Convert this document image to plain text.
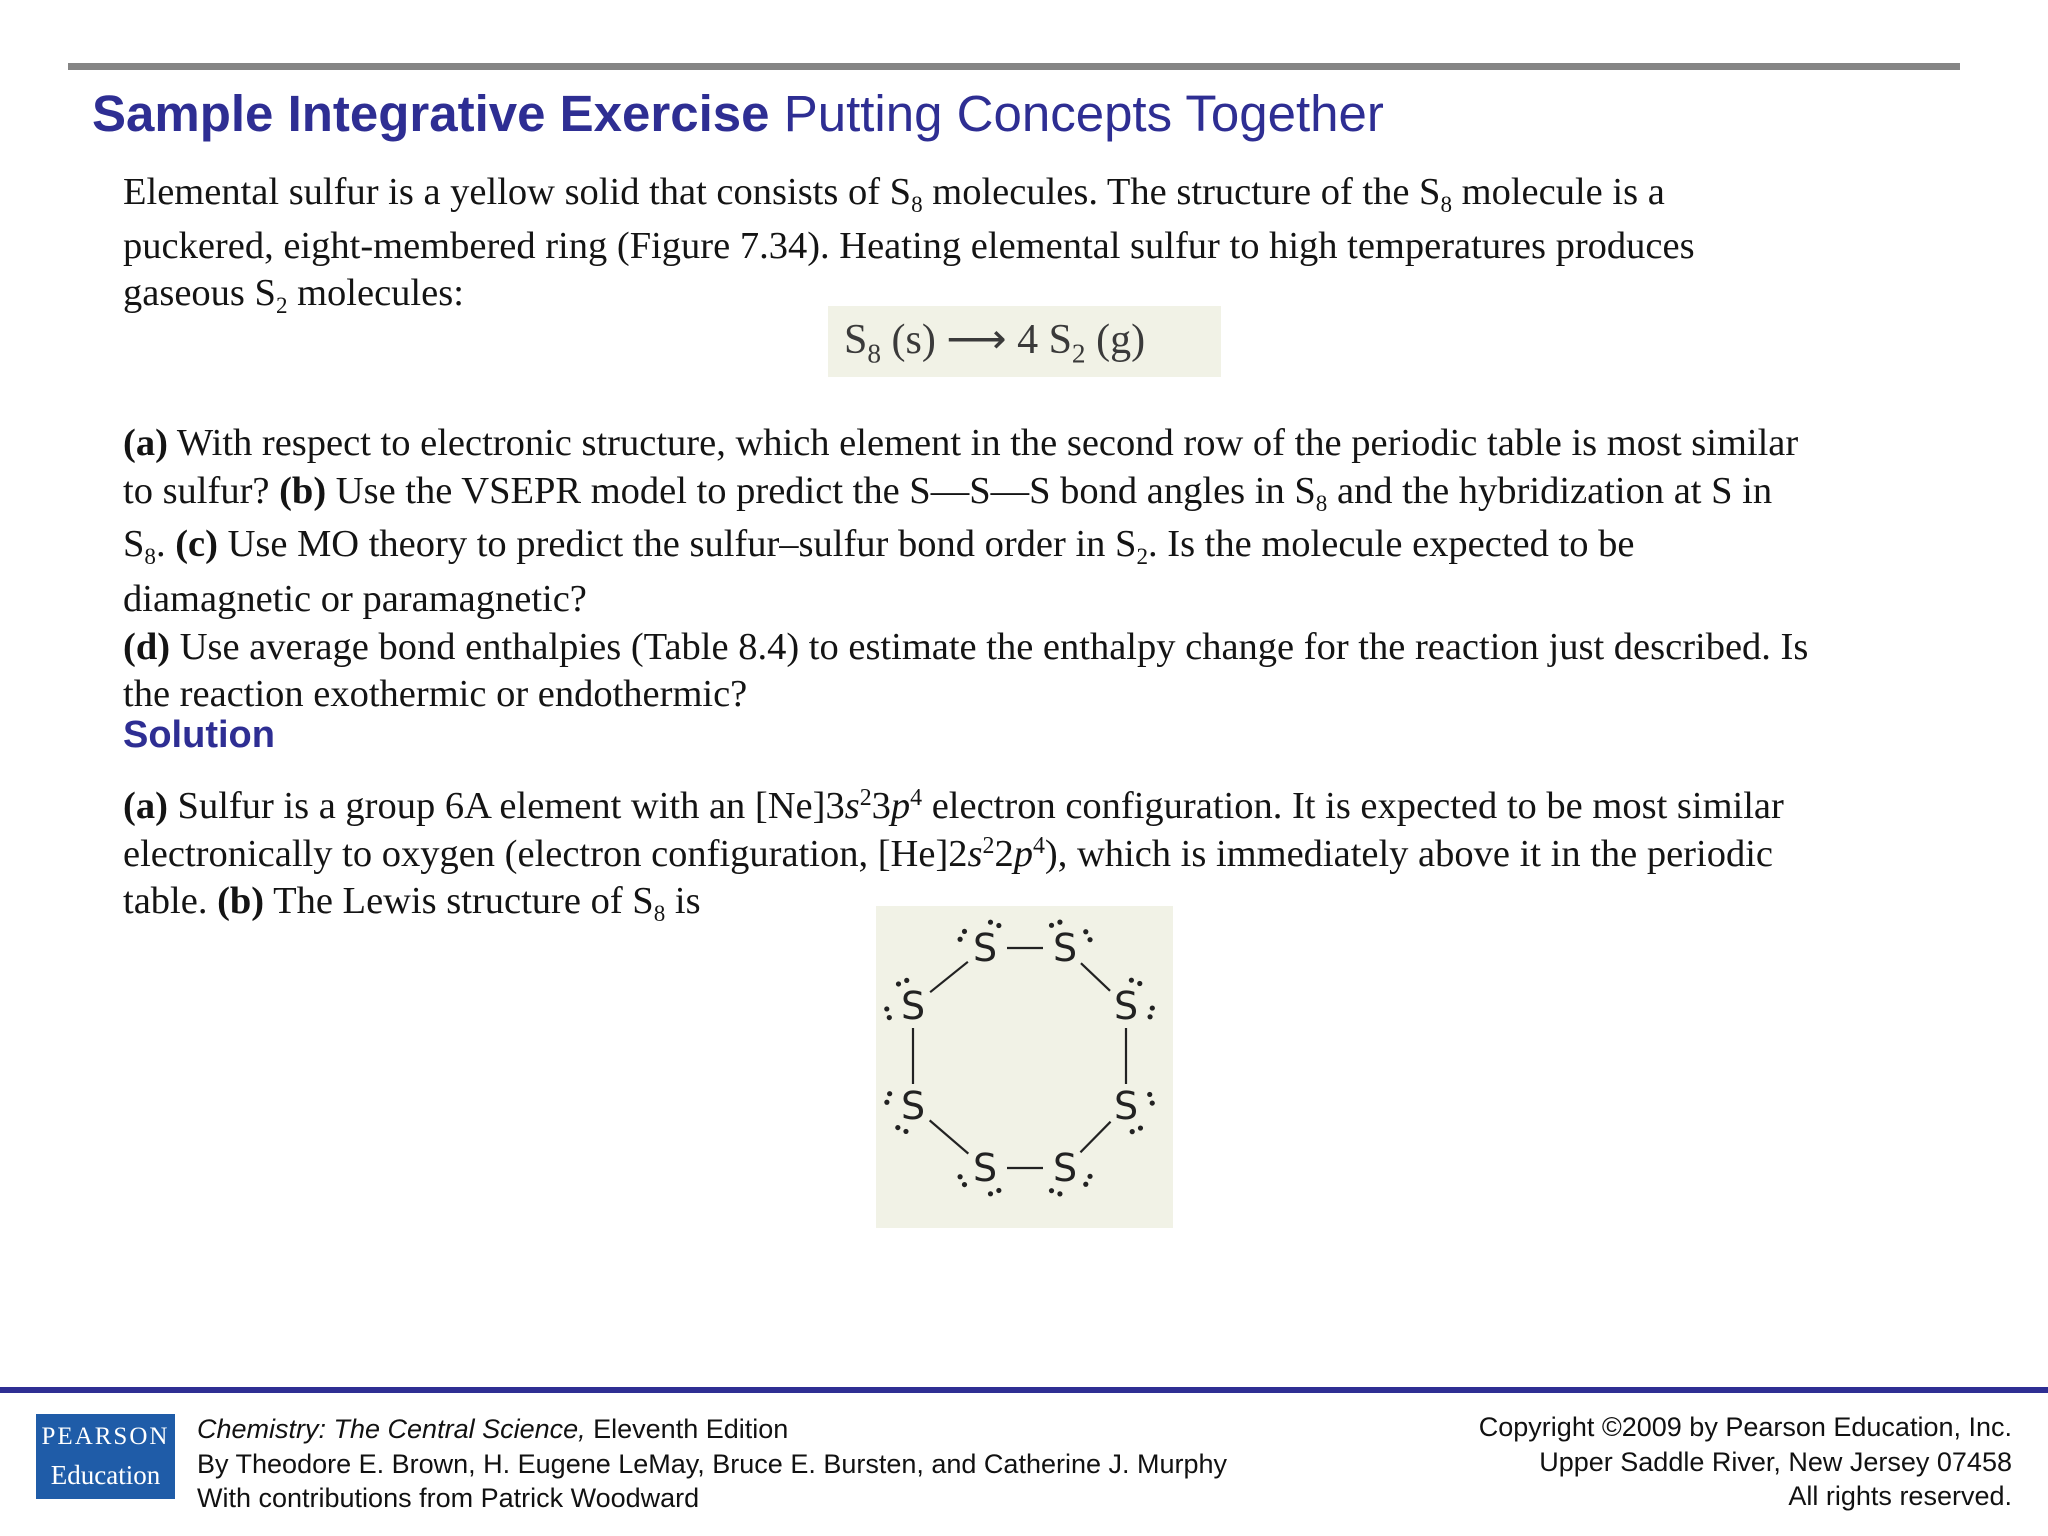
Sample Integrative Exercise Putting Concepts Together
Elemental sulfur is a yellow solid that consists of $S_8$ molecules. The structure of the $S_8$ molecule is a
puckered, eight-membered ring (Figure 7.34). Heating elemental sulfur to high temperatures produces
gaseous $S_2$ molecules:
$S_8$ (s) ⟶ 4 $S_2$ (g)
(a) With respect to electronic structure, which element in the second row of the periodic table is most similar
to sulfur? (b) Use the VSEPR model to predict the S—S—S bond angles in $S_8$ and the hybridization at S in
$S_8$. (c) Use MO theory to predict the sulfur–sulfur bond order in $S_2$. Is the molecule expected to be
diamagnetic or paramagnetic?
(d) Use average bond enthalpies (Table 8.4) to estimate the enthalpy change for the reaction just described. Is
the reaction exothermic or endothermic?
Solution
(a) Sulfur is a group 6A element with an $[Ne]3s^23p^4$ electron configuration. It is expected to be most similar
electronically to oxygen (electron configuration, $[He]2s^22p^4$), which is immediately above it in the periodic
table. (b) The Lewis structure of $S_8$ is
S S
S
S
S
S
S
S
PEARSON
Education
Chemistry: The Central Science, Eleventh Edition
By Theodore E. Brown, H. Eugene LeMay, Bruce E. Bursten, and Catherine J. Murphy
With contributions from Patrick Woodward
Copyright ©2009 by Pearson Education, Inc.
Upper Saddle River, New Jersey 07458
All rights reserved.
